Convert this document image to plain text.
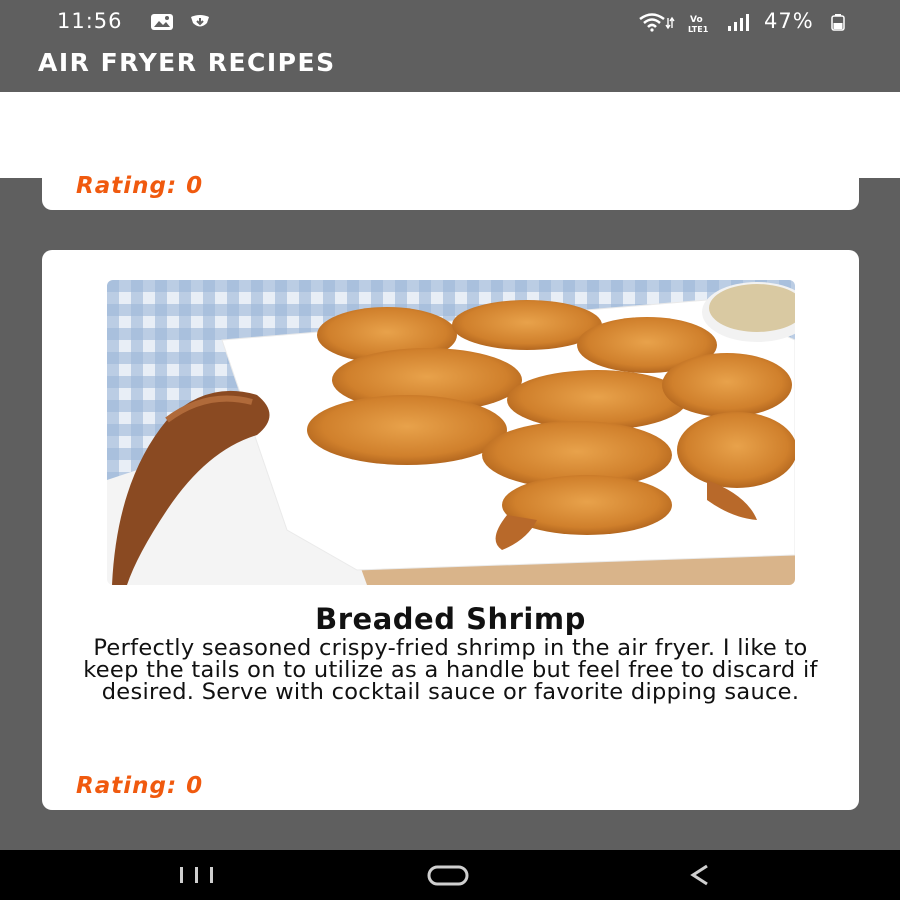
11:56	Vo
LTE1	47%
AIR FRYER RECIPES
Rating: 0
Breaded Shrimp
Perfectly seasoned crispy-fried shrimp in the air fryer. I like to keep the tails on to utilize as a handle but feel free to discard if desired. Serve with cocktail sauce or favorite dipping sauce.
Rating: 0
